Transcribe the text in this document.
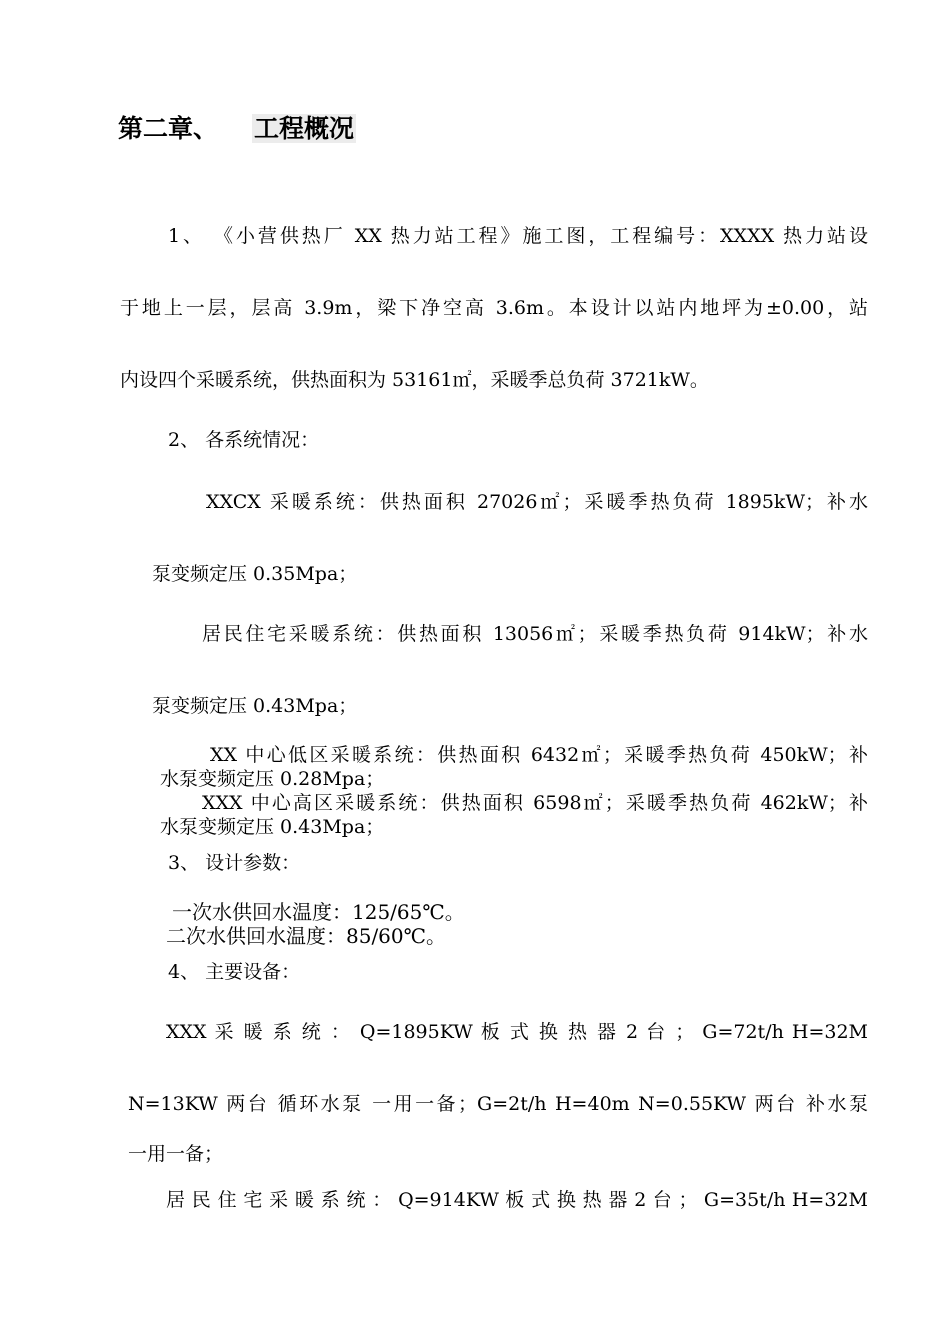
第二章、 工程概况
1、 《小营供热厂 XX 热力站工程》施工图，工程编号：XXXX 热力站设
于地上一层，层高 3.9m，梁下净空高 3.6m。本设计以站内地坪为±0.00，站
内设四个采暖系统，供热面积为 53161㎡，采暖季总负荷 3721kW。
2、 各系统情况：
XXCX 采暖系统：供热面积 27026㎡；采暖季热负荷 1895kW；补水
泵变频定压 0.35Mpa；
居民住宅采暖系统：供热面积 13056㎡；采暖季热负荷 914kW；补水
泵变频定压 0.43Mpa；
XX 中心低区采暖系统：供热面积 6432㎡；采暖季热负荷 450kW；补
水泵变频定压 0.28Mpa；
XXX 中心高区采暖系统：供热面积 6598㎡；采暖季热负荷 462kW；补
水泵变频定压 0.43Mpa；
3、 设计参数：
一次水供回水温度：125/65℃。
二次水供回水温度：85/60℃。
4、 主要设备：
XXX 采 暖 系 统 ： Q=1895KW 板 式 换 热 器 2 台 ； G=72t/h H=32M
N=13KW 两台 循环水泵 一用一备；G=2t/h H=40m N=0.55KW 两台 补水泵
一用一备；
居 民 住 宅 采 暖 系 统 ： Q=914KW 板 式 换 热 器 2 台 ； G=35t/h H=32M
